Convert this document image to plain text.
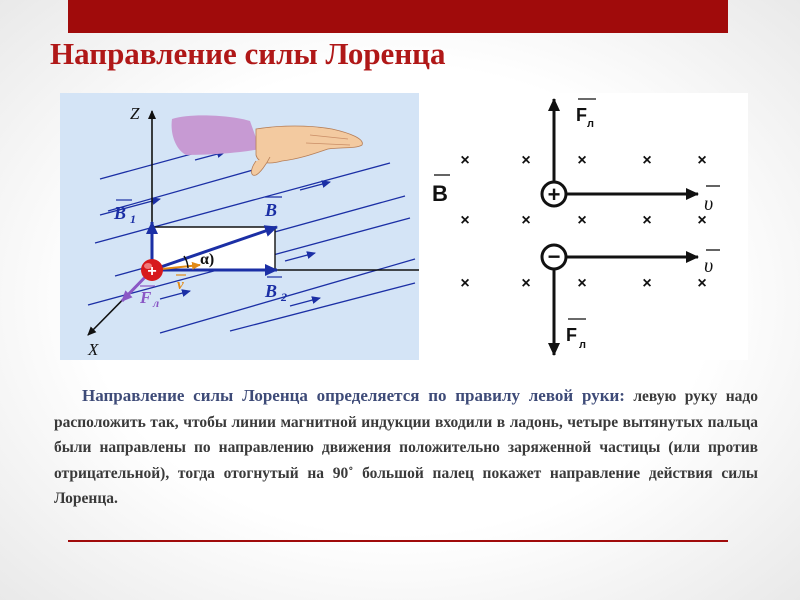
Направление силы Лоренца
Z
X
α)
B 1	B
B 2
F л
v
+
×	×	×	×	×
×	×	×	×	×
×	×	×	×	×
B	+
−
F л
F л
υ
υ

Направление силы Лоренца определяется по правилу левой руки: левую руку надо расположить так, чтобы линии магнитной индукции входили в ладонь, четыре вытянутых пальца были направлены по направлению движения положительно заряженной частицы (или против отрицательной), тогда отогнутый на 90˚ большой палец покажет направление действия силы Лоренца.
